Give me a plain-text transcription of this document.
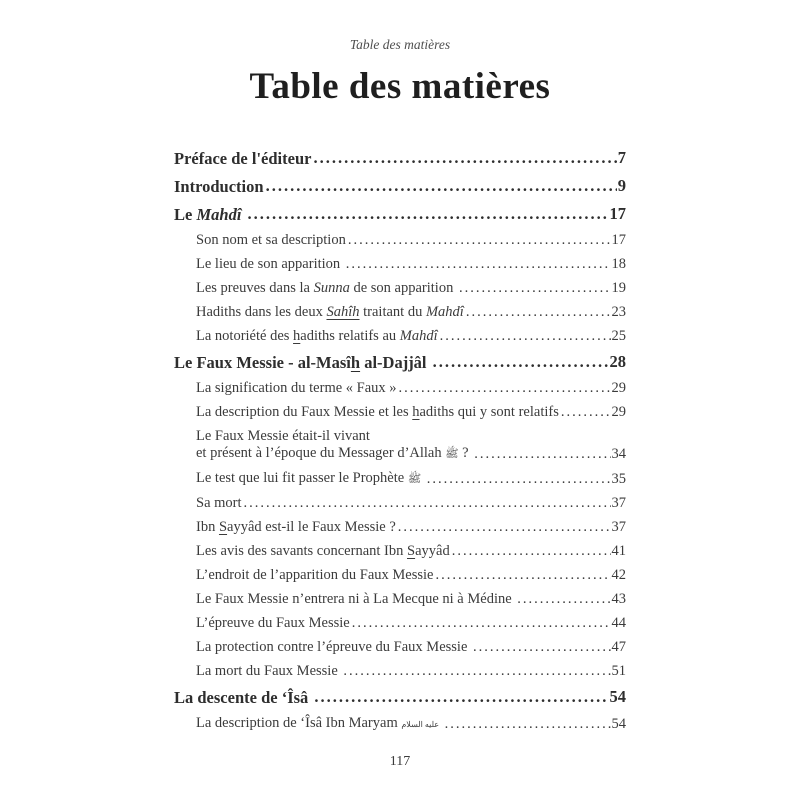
Table des matières
Table des matières
Préface de l'éditeur .....	7
Introduction .....	9
Le Mahdî .....	17
Son nom et sa description .....	17
Le lieu de son apparition .....	18
Les preuves dans la Sunna de son apparition .....	19
Hadiths dans les deux Sahîh traitant du Mahdî .....	23
La notoriété des hadiths relatifs au Mahdî .....	25
Le Faux Messie - al-Masîh al-Dajjâl .....	28
La signification du terme « Faux » .....	29
La description du Faux Messie et les hadiths qui y sont relatifs .....	29
Le Faux Messie était-il vivant
et présent à l’époque du Messager d’Allah ﷺ ? .....	34
Le test que lui fit passer le Prophète ﷺ .....	35
Sa mort .....	37
Ibn Sayyâd est-il le Faux Messie ? .....	37
Les avis des savants concernant Ibn Sayyâd .....	41
L’endroit de l’apparition du Faux Messie .....	42
Le Faux Messie n’entrera ni à La Mecque ni à Médine .....	43
L’épreuve du Faux Messie .....	44
La protection contre l’épreuve du Faux Messie .....	47
La mort du Faux Messie .....	51
La descente de ‘Îsâ .....	54
La description de ‘Îsâ Ibn Maryam عليه السلام .....	54
117
